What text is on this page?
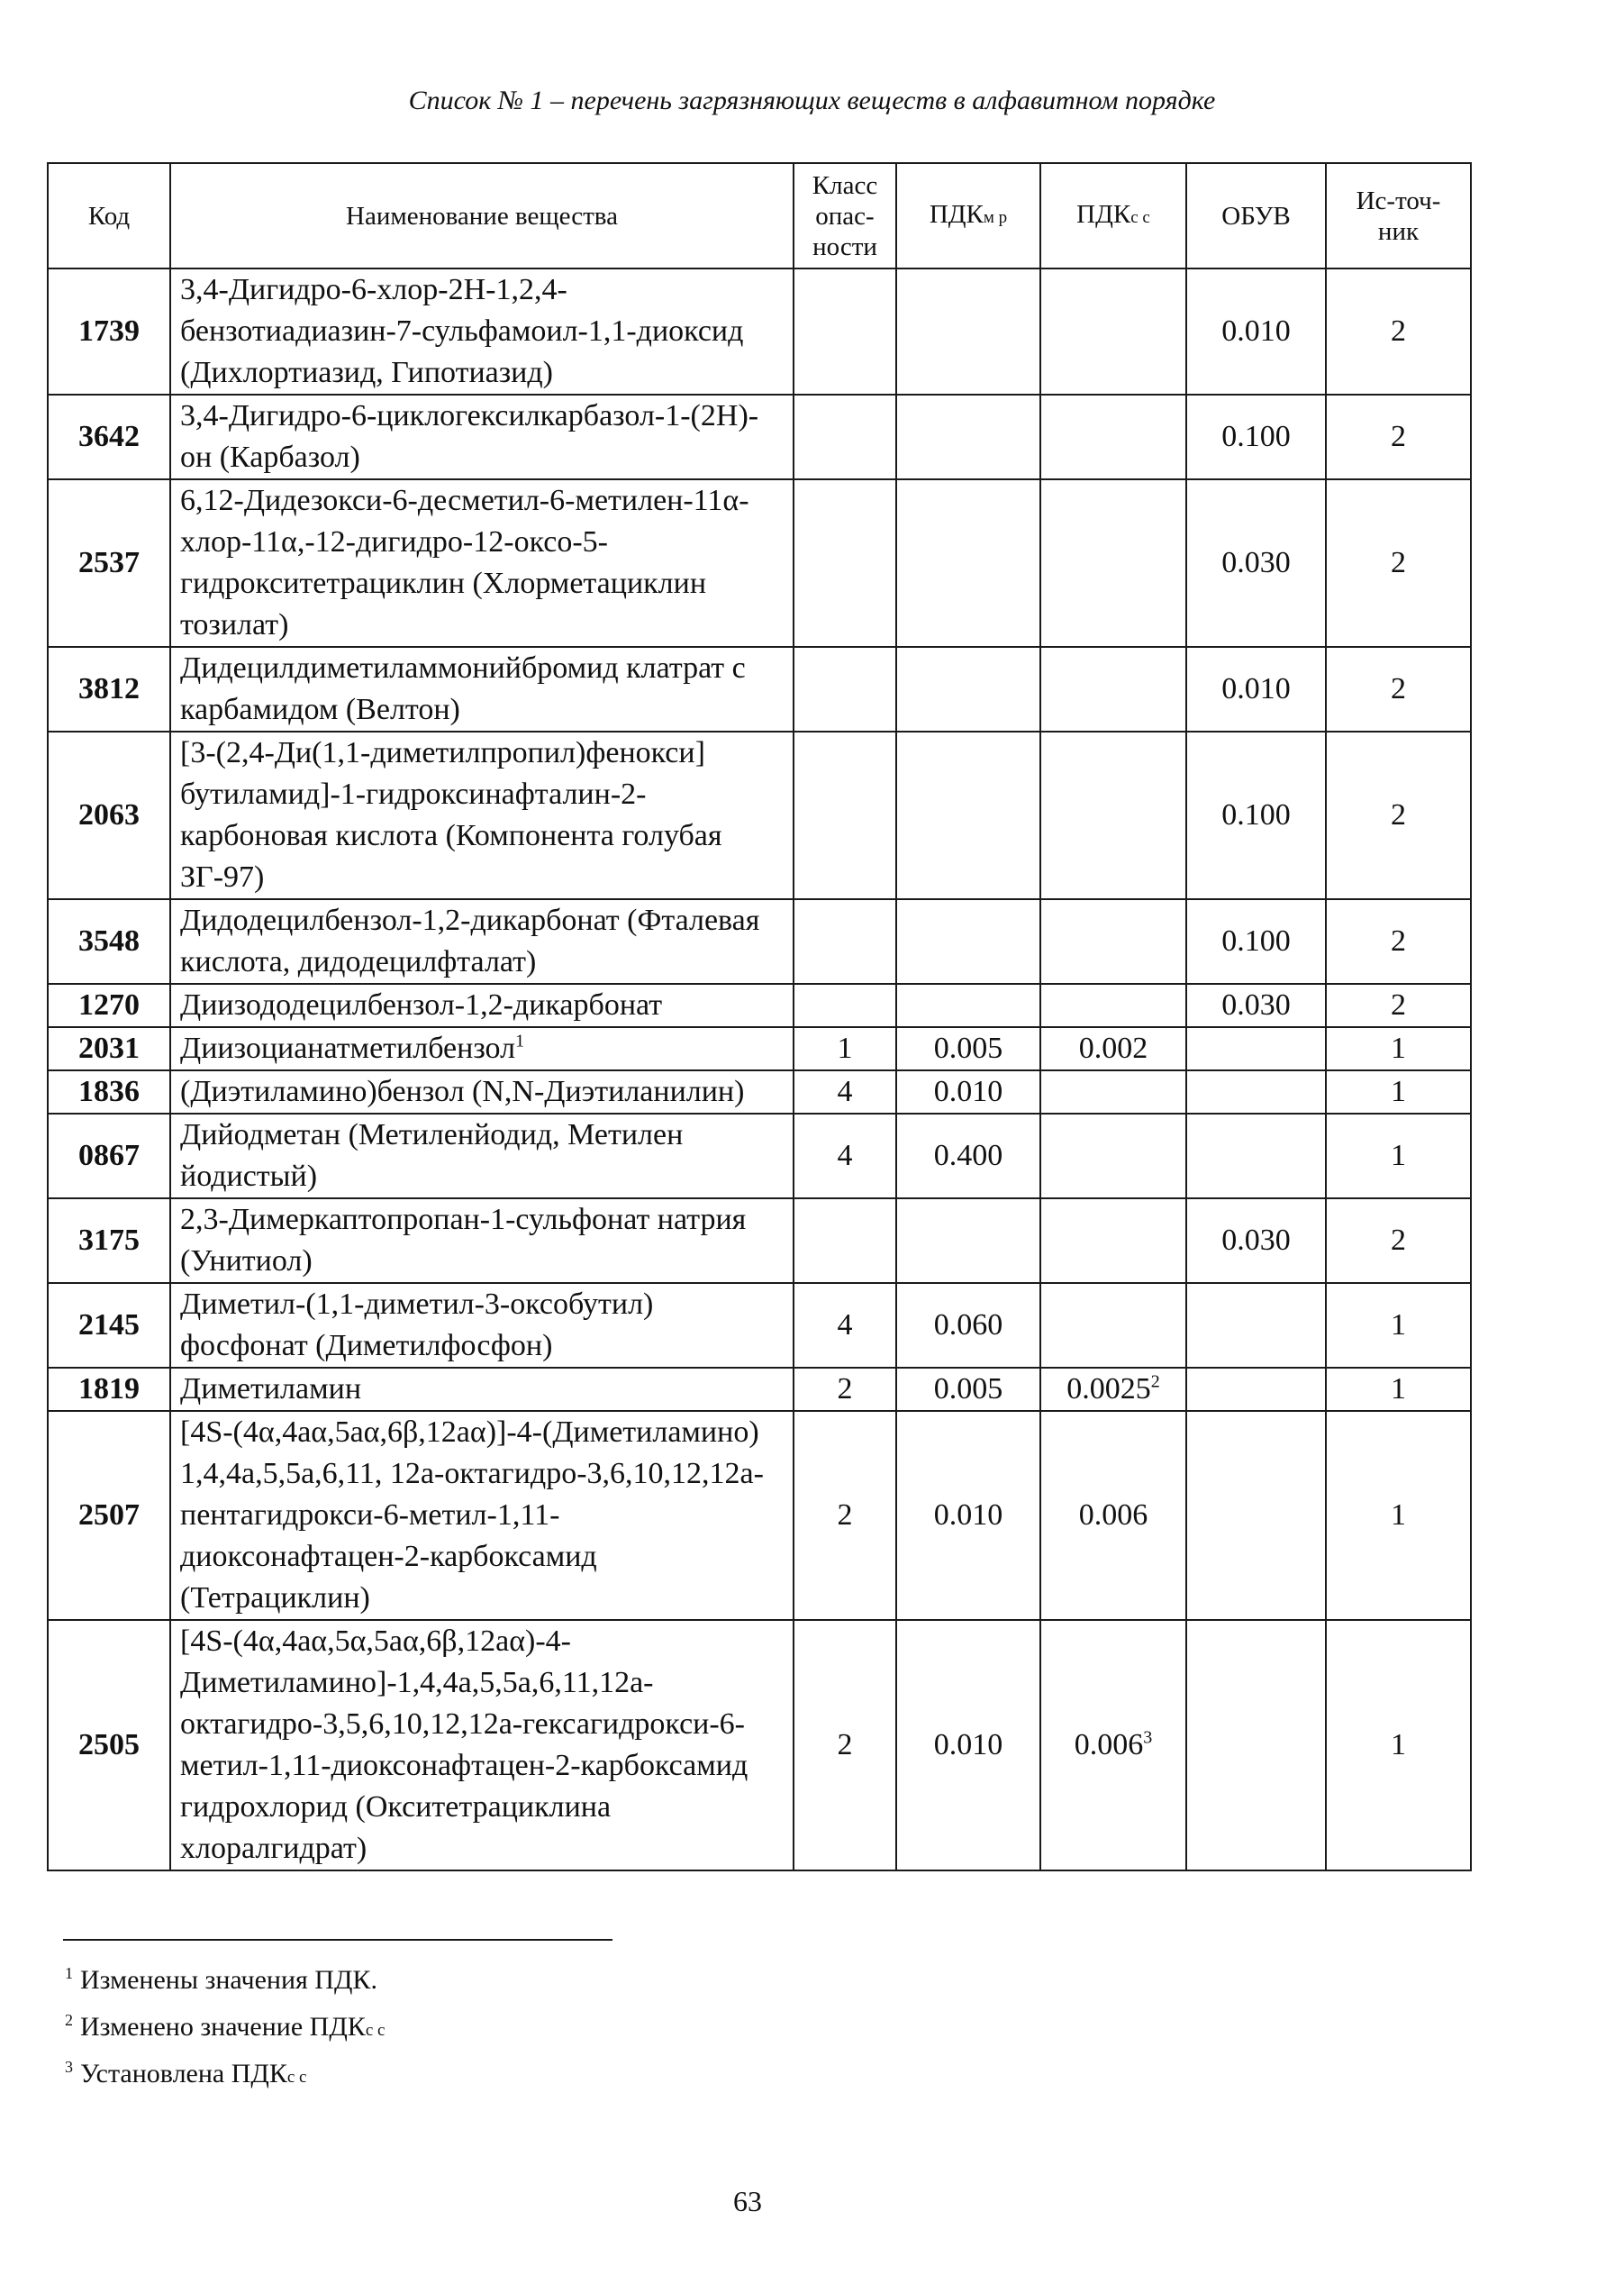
Список № 1 – перечень загрязняющих веществ в алфавитном порядке
Код	Наименование вещества	Класс опас-ности	ПДКм р	ПДКс с	ОБУВ	Ис-точ-ник
1739	3,4-Дигидро-6-хлор-2Н-1,2,4-бензотиадиазин-7-сульфамоил-1,1-диоксид (Дихлортиазид, Гипотиазид)				0.010	2
3642	3,4-Дигидро-6-циклогексилкарбазол-1-(2Н)-он (Карбазол)				0.100	2
2537	6,12-Дидезокси-6-десметил-6-метилен-11α-хлор-11α,-12-дигидро-12-оксо-5-гидрокситетрациклин (Хлорметациклин тозилат)				0.030	2
3812	Дидецилдиметиламмонийбромид клатрат с карбамидом (Велтон)				0.010	2
2063	[3-(2,4-Ди(1,1-диметилпропил)фенокси] бутиламид]-1-гидроксинафталин-2-карбоновая кислота (Компонента голубая ЗГ-97)				0.100	2
3548	Дидодецилбензол-1,2-дикарбонат (Фталевая кислота, дидодецилфталат)				0.100	2
1270	Диизододецилбензол-1,2-дикарбонат				0.030	2
2031	Диизоцианатметилбензол$^1$	1	0.005	0.002		1
1836	(Диэтиламино)бензол (N,N-Диэтиланилин)	4	0.010			1
0867	Дийодметан (Метиленйодид, Метилен йодистый)	4	0.400			1
3175	2,3-Димеркаптопропан-1-сульфонат натрия (Унитиол)				0.030	2
2145	Диметил-(1,1-диметил-3-оксобутил) фосфонат (Диметилфосфон)	4	0.060			1
1819	Диметиламин	2	0.005	0.0025$^2$		1
2507	[4S-(4α,4aα,5aα,6β,12aα)]-4-(Диметиламино) 1,4,4a,5,5a,6,11, 12a-октагидро-3,6,10,12,12a-пентагидрокси-6-метил-1,11-диоксонафтацен-2-карбоксамид (Тетрациклин)	2	0.010	0.006		1
2505	[4S-(4α,4aα,5α,5aα,6β,12aα)-4-Диметиламино]-1,4,4a,5,5a,6,11,12a-октагидро-3,5,6,10,12,12a-гексагидрокси-6-метил-1,11-диоксонафтацен-2-карбоксамид гидрохлорид (Окситетрациклина хлоралгидрат)	2	0.010	0.006$^3$		1
$^1$ Изменены значения ПДК.
$^2$ Изменено значение ПДКс с
$^3$ Установлена ПДКс с
63
